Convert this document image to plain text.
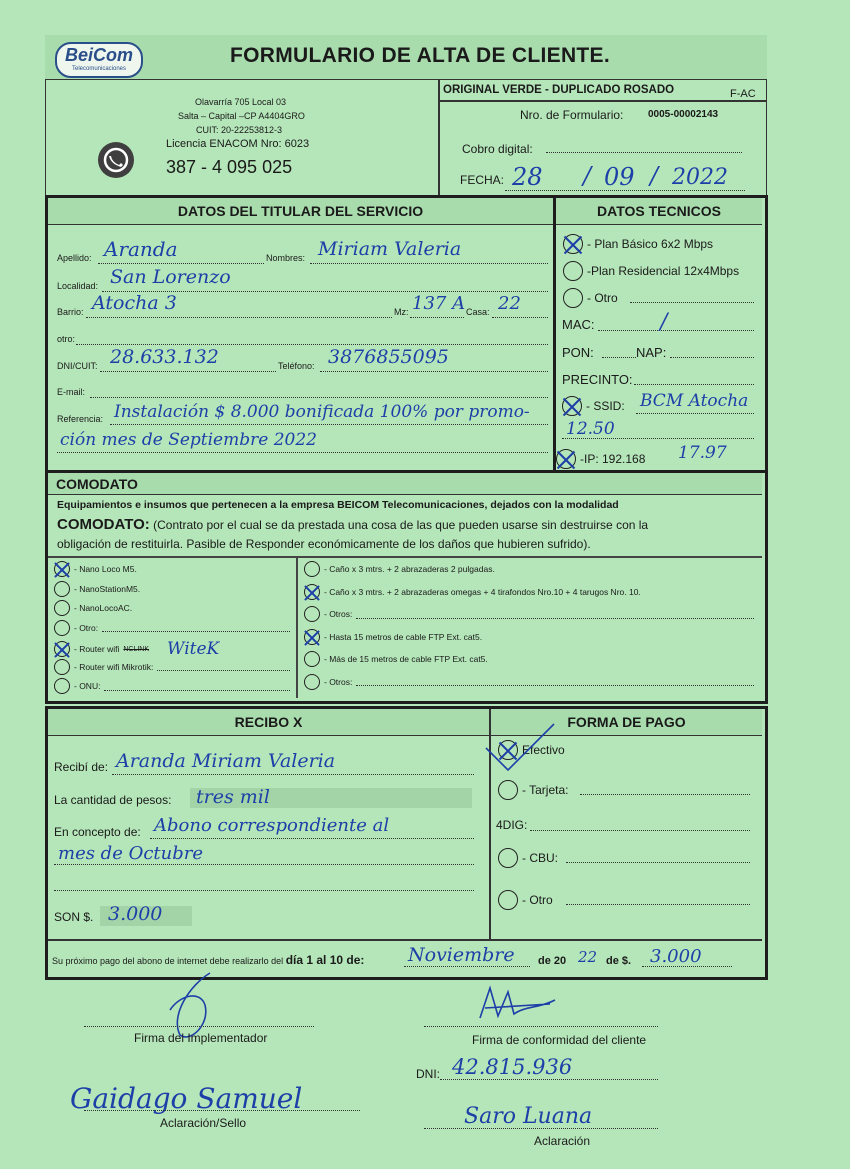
BeiCom
Telecomunicaciones
FORMULARIO DE ALTA DE CLIENTE.
Olavarría 705 Local 03
Salta – Capital –CP A4404GRO
CUIT: 20-22253812-3
Licencia ENACOM Nro: 6023
387 - 4 095 025
ORIGINAL VERDE - DUPLICADO ROSADO	F-AC
Nro. de Formulario: 0005-00002143
Cobro digital:
FECHA: 28 / 09 / 2022
DATOS DEL TITULAR DEL SERVICIO	DATOS TECNICOS
Apellido: Aranda	Nombres: Miriam Valeria
Localidad: San Lorenzo
Barrio: Atocha 3	Mz: 137 A Casa: 22
otro:
DNI/CUIT: 28.633.132	Teléfono: 3876855095
E-mail:
Referencia: Instalación $ 8.000 bonificada 100% por promo-
ción mes de Septiembre 2022
- Plan Básico 6x2 Mbps
-Plan Residencial 12x4Mbps
- Otro
MAC:	/
PON:	NAP:
PRECINTO:
- SSID: BCM Atocha
12.50
-IP: 192.168 17.97
COMODATO
Equipamientos e insumos que pertenecen a la empresa BEICOM Telecomunicaciones, dejados con la modalidad
COMODATO: (Contrato por el cual se da prestada una cosa de las que pueden usarse sin destruirse con la
obligación de restituirla. Pasible de Responder económicamente de los daños que hubieren sufrido).
- Nano Loco M5.
- NanoStationM5.
- NanoLocoAC.
- Otro:
- Router wifi NCLINK WiteK
- Router wifi Mikrotik:
- ONU:
- Caño x 3 mtrs. + 2 abrazaderas 2 pulgadas.
- Caño x 3 mtrs. + 2 abrazaderas omegas + 4 tirafondos Nro.10 + 4 tarugos Nro. 10.
- Otros:
- Hasta 15 metros de cable FTP Ext. cat5.
- Más de 15 metros de cable FTP Ext. cat5.
- Otros:
RECIBO X	FORMA DE PAGO
Recibí de: Aranda Miriam Valeria
La cantidad de pesos: tres mil
En concepto de: Abono correspondiente al
mes de Octubre
SON $. 3.000
Efectivo
- Tarjeta:
4DIG:
- CBU:
- Otro
Su próximo pago del abono de internet debe realizarlo del día 1 al 10 de: Noviembre de 20 22 de $. 3.000
Firma del Implementador	Firma de conformidad del cliente
DNI: 42.815.936
Gaidago Samuel
Aclaración/Sello	Saro Luana
Aclaración
